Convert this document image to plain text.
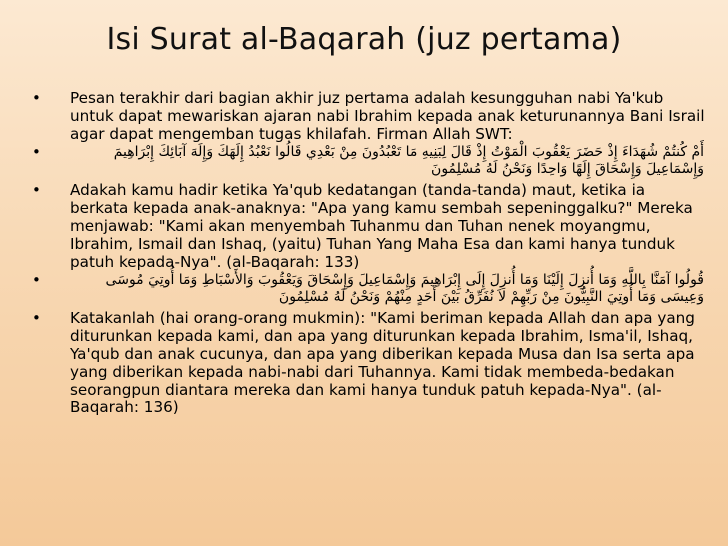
Isi Surat al-Baqarah (juz pertama)
• Pesan terakhir dari bagian akhir juz pertama adalah kesungguhan nabi Ya'kub untuk dapat mewariskan ajaran nabi Ibrahim kepada anak keturunannya Bani Israil agar dapat mengemban tugas khilafah. Firman Allah SWT:
•	أَمْ كُنتُمْ شُهَدَاءَ إِذْ حَضَرَ يَعْقُوبَ الْمَوْتُ إِذْ قَالَ لِبَنِيهِ مَا تَعْبُدُونَ مِنْ بَعْدِي قَالُوا نَعْبُدُ إِلَهَكَ وَإِلَهَ آبَائِكَ إِبْرَاهِيمَ وَإِسْمَاعِيلَ وَإِسْحَاقَ إِلَهًا وَاحِدًا وَنَحْنُ لَهُ مُسْلِمُونَ
• Adakah kamu hadir ketika Ya'qub kedatangan (tanda-tanda) maut, ketika ia berkata kepada anak-anaknya: "Apa yang kamu sembah sepeninggalku?" Mereka menjawab: "Kami akan menyembah Tuhanmu dan Tuhan nenek moyangmu, Ibrahim, Ismail dan Ishaq, (yaitu) Tuhan Yang Maha Esa dan kami hanya tunduk patuh kepada-Nya". (al-Baqarah: 133)
•	قُولُوا آمَنَّا بِاللَّهِ وَمَا أُنزِلَ إِلَيْنَا وَمَا أُنزِلَ إِلَى إِبْرَاهِيمَ وَإِسْمَاعِيلَ وَإِسْحَاقَ وَيَعْقُوبَ وَالأَسْبَاطِ وَمَا أُوتِيَ مُوسَى وَعِيسَى وَمَا أُوتِيَ النَّبِيُّونَ مِنْ رَبِّهِمْ لاَ نُفَرِّقُ بَيْنَ أَحَدٍ مِنْهُمْ وَنَحْنُ لَهُ مُسْلِمُونَ
• Katakanlah (hai orang-orang mukmin): "Kami beriman kepada Allah dan apa yang diturunkan kepada kami, dan apa yang diturunkan kepada Ibrahim, Isma'il, Ishaq, Ya'qub dan anak cucunya, dan apa yang diberikan kepada Musa dan Isa serta apa yang diberikan kepada nabi-nabi dari Tuhannya. Kami tidak membeda-bedakan seorangpun diantara mereka dan kami hanya tunduk patuh kepada-Nya". (al-Baqarah: 136)
